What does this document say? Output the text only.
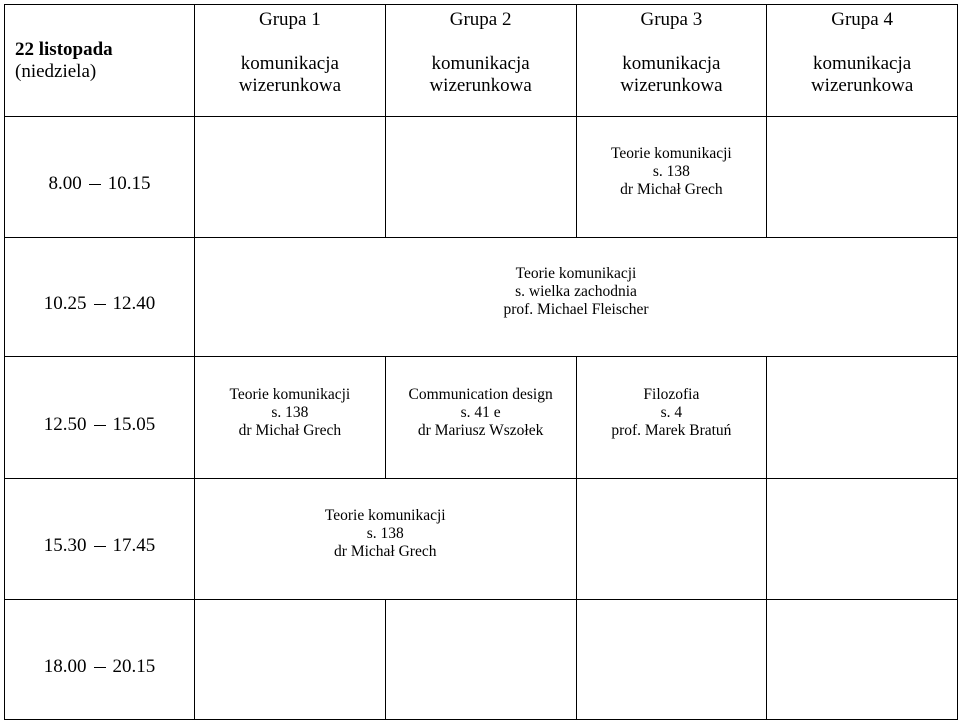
22 listopada
(niedziela)	Grupa 1
komunikacja
wizerunkowa	Grupa 2
komunikacja
wizerunkowa	Grupa 3
komunikacja
wizerunkowa	Grupa 4
komunikacja
wizerunkowa

8.00 10.15			Teorie komunikacji
s. 138
dr Michał Grech	

10.25 12.40	Teorie komunikacji
s. wielka zachodnia
prof. Michael Fleischer			

12.50 15.05	Teorie komunikacji
s. 138
dr Michał Grech	Communication design
s. 41 e
dr Mariusz Wszołek	Filozofia
s. 4
prof. Marek Bratuń	

15.30 17.45	Teorie komunikacji
s. 138
dr Michał Grech			

18.00 20.15				
